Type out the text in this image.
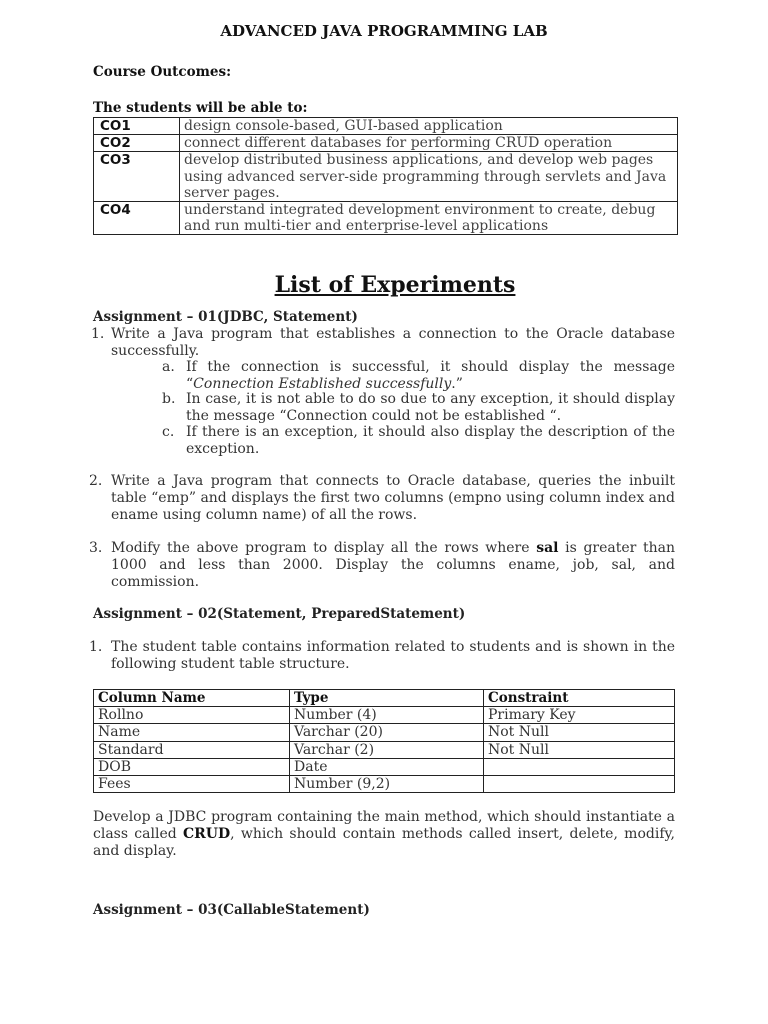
ADVANCED JAVA PROGRAMMING LAB

Course Outcomes:

The students will be able to:

CO1	design console-based, GUI-based application
CO2	connect different databases for performing CRUD operation
CO3	develop distributed business applications, and develop web pages using advanced server-side programming through servlets and Java server pages.
CO4	understand integrated development environment to create, debug and run multi-tier and enterprise-level applications
List of Experiments

Assignment – 01(JDBC, Statement)

1. Write a Java program that establishes a connection to the Oracle database successfully.

a. If the connection is successful, it should display the message “Connection Established successfully.”

b. In case, it is not able to do so due to any exception, it should display the message “Connection could not be established “.

c. If there is an exception, it should also display the description of the exception.

2. Write a Java program that connects to Oracle database, queries the inbuilt table “emp” and displays the first two columns (empno using column index and ename using column name) of all the rows.

3. Modify the above program to display all the rows where sal is greater than 1000 and less than 2000. Display the columns ename, job, sal, and commission.

Assignment – 02(Statement, PreparedStatement)

1. The student table contains information related to students and is shown in the following student table structure.

Column Name	Type	Constraint
Rollno	Number (4)	Primary Key
Name	Varchar (20)	Not Null
Standard	Varchar (2)	Not Null
DOB	Date	
Fees	Number (9,2)	

Develop a JDBC program containing the main method, which should instantiate a class called CRUD, which should contain methods called insert, delete, modify, and display.

Assignment – 03(CallableStatement)
